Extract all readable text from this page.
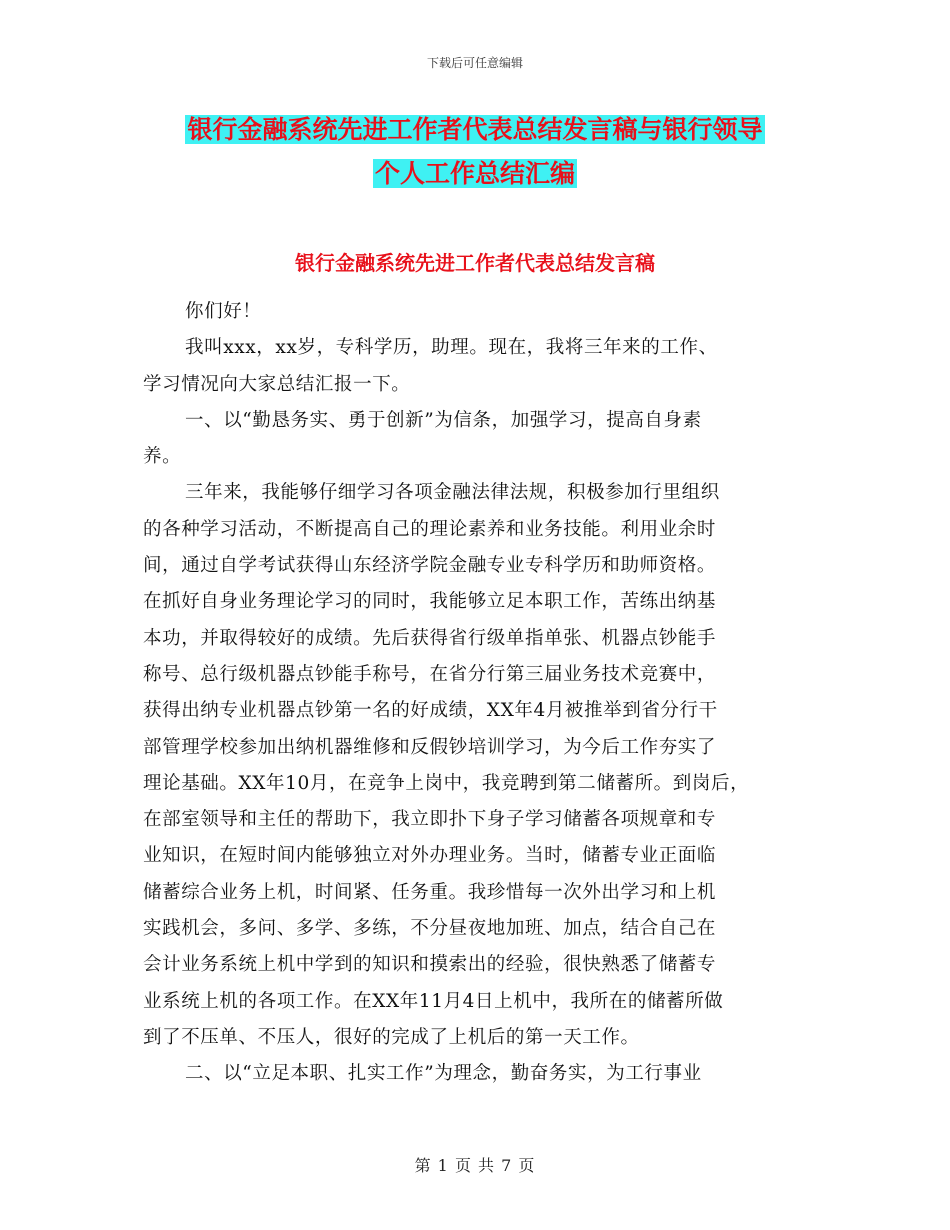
下载后可任意编辑
银行金融系统先进工作者代表总结发言稿与银行领导
个人工作总结汇编
银行金融系统先进工作者代表总结发言稿
你们好！
我叫xxx，xx岁，专科学历，助理。现在，我将三年来的工作、
学习情况向大家总结汇报一下。
一、以“勤恳务实、勇于创新”为信条，加强学习，提高自身素
养。
三年来，我能够仔细学习各项金融法律法规，积极参加行里组织
的各种学习活动，不断提高自己的理论素养和业务技能。利用业余时
间，通过自学考试获得山东经济学院金融专业专科学历和助师资格。
在抓好自身业务理论学习的同时，我能够立足本职工作，苦练出纳基
本功，并取得较好的成绩。先后获得省行级单指单张、机器点钞能手
称号、总行级机器点钞能手称号，在省分行第三届业务技术竞赛中，
获得出纳专业机器点钞第一名的好成绩，XX年4月被推举到省分行干
部管理学校参加出纳机器维修和反假钞培训学习，为今后工作夯实了
理论基础。XX年10月，在竞争上岗中，我竞聘到第二储蓄所。到岗后，
在部室领导和主任的帮助下，我立即扑下身子学习储蓄各项规章和专
业知识，在短时间内能够独立对外办理业务。当时，储蓄专业正面临
储蓄综合业务上机，时间紧、任务重。我珍惜每一次外出学习和上机
实践机会，多问、多学、多练，不分昼夜地加班、加点，结合自己在
会计业务系统上机中学到的知识和摸索出的经验，很快熟悉了储蓄专
业系统上机的各项工作。在XX年11月4日上机中，我所在的储蓄所做
到了不压单、不压人，很好的完成了上机后的第一天工作。
二、以“立足本职、扎实工作”为理念，勤奋务实，为工行事业
第 1 页 共 7 页
